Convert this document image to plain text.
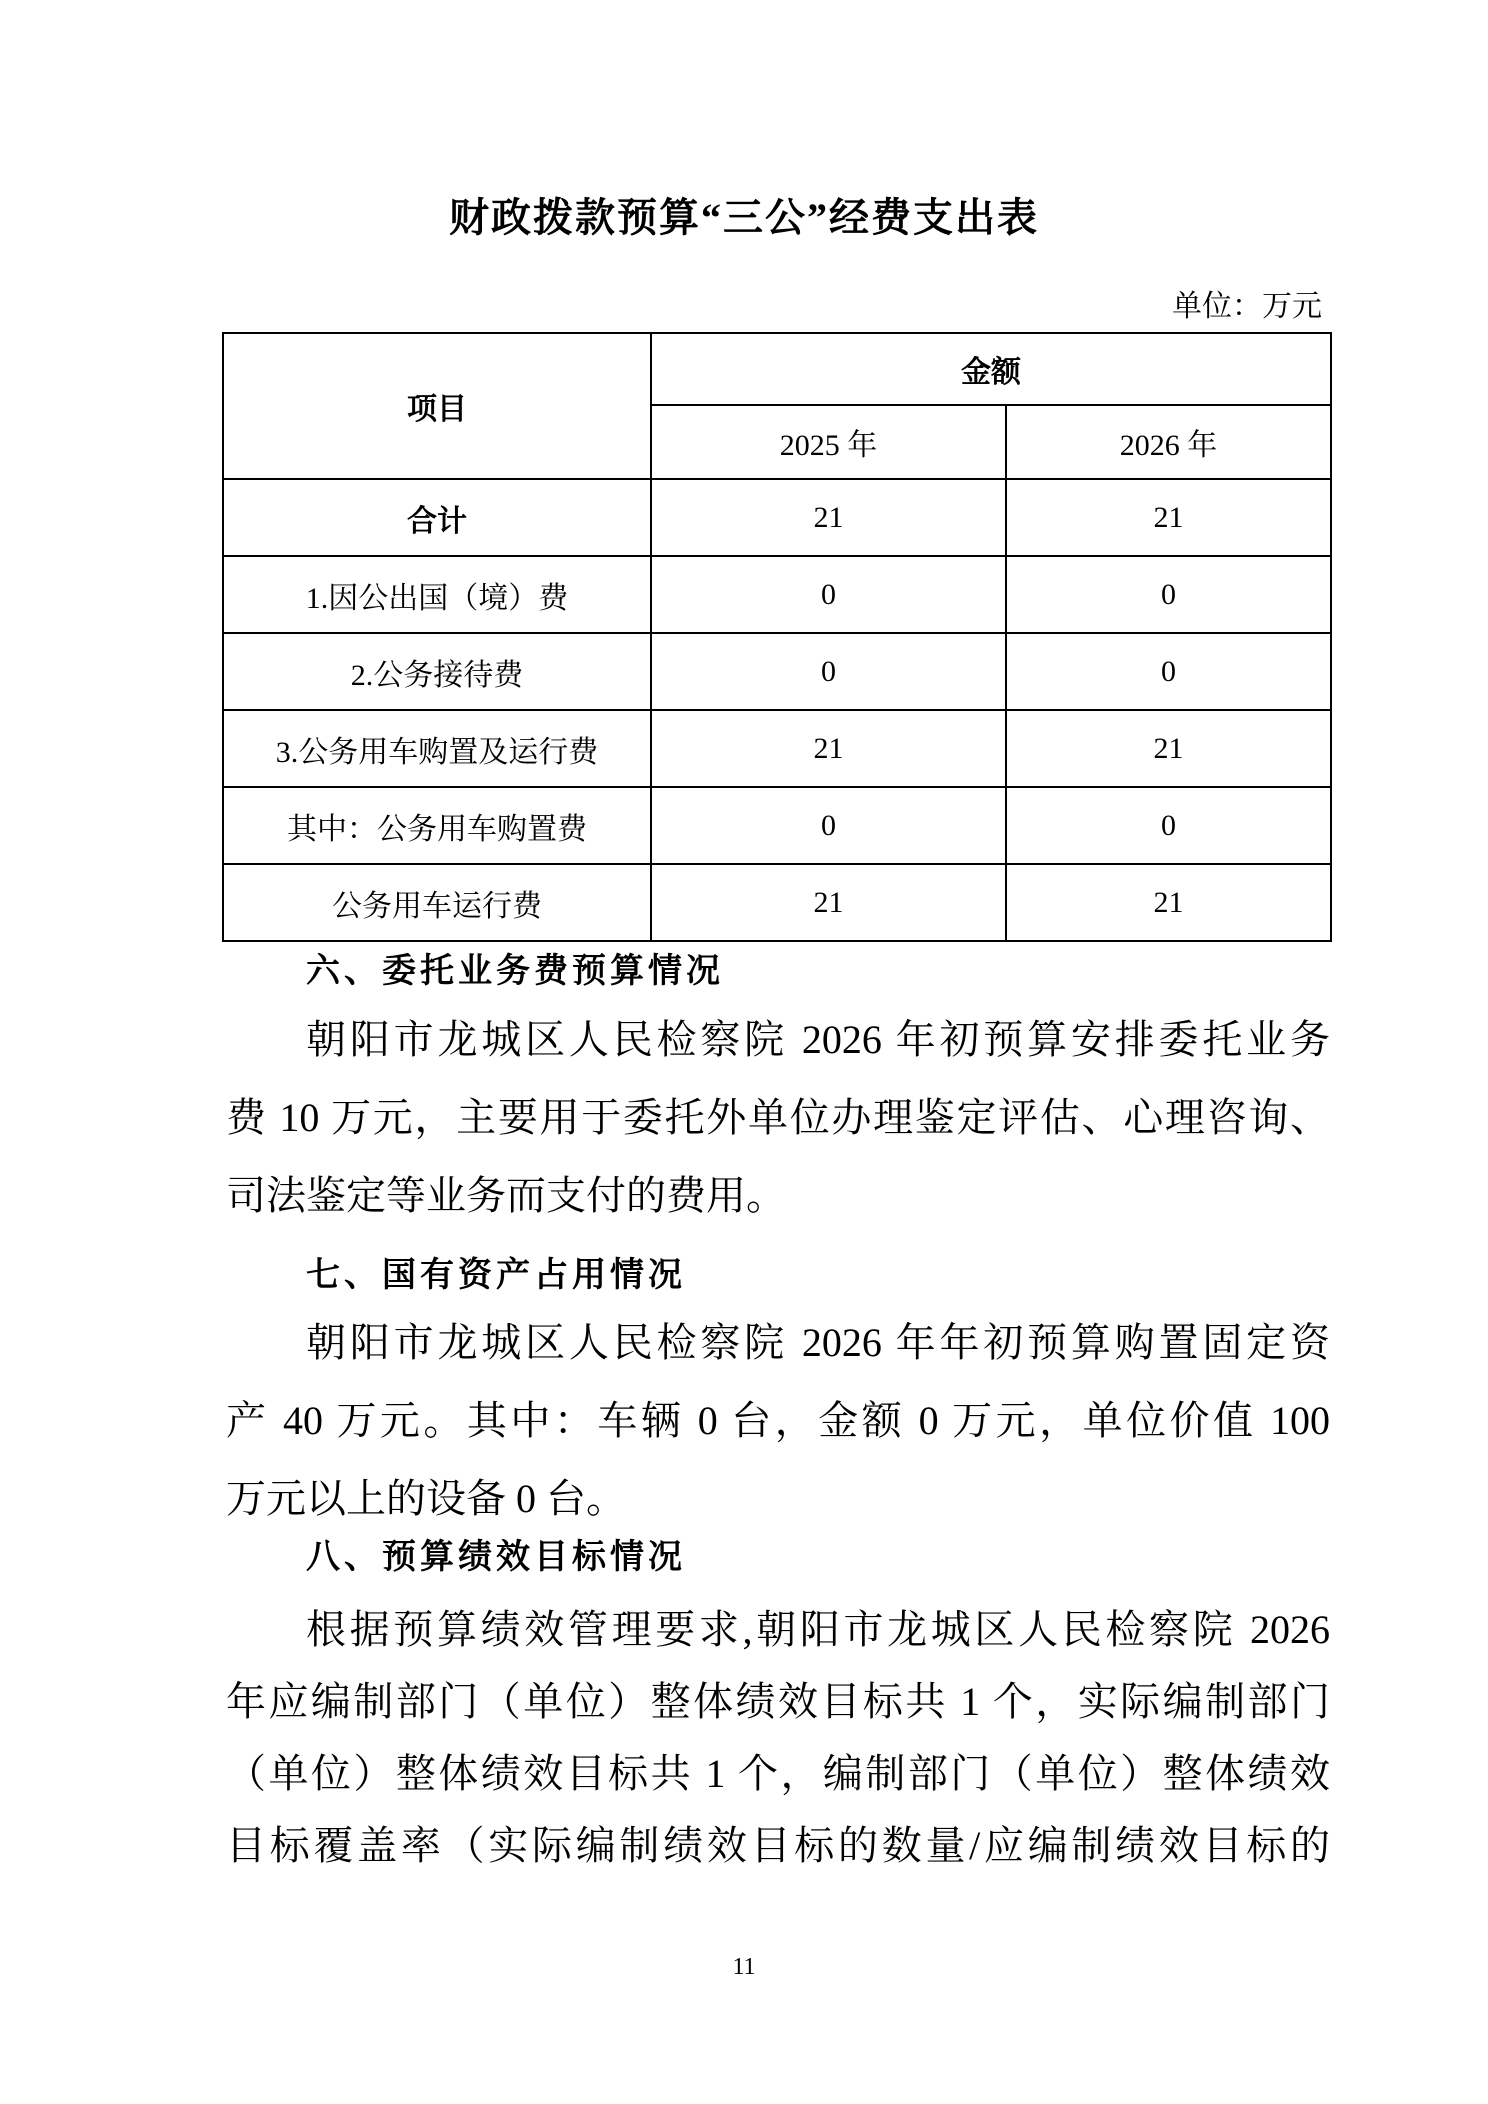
财政拨款预算“三公”经费支出表
单位：万元
项目	金额	
	2025 年	2026 年
合计	21	21
1.因公出国（境）费	0	0
2.公务接待费	0	0
3.公务用车购置及运行费	21	21
其中：公务用车购置费	0	0
公务用车运行费	21	21
六、委托业务费预算情况
朝阳市龙城区人民检察院 2026 年初预算安排委托业务
费 10 万元，主要用于委托外单位办理鉴定评估、心理咨询、
司法鉴定等业务而支付的费用。
七、国有资产占用情况
朝阳市龙城区人民检察院 2026 年年初预算购置固定资
产 40 万元。其中：车辆 0 台，金额 0 万元，单位价值 100
万元以上的设备 0 台。
八、预算绩效目标情况
根据预算绩效管理要求,朝阳市龙城区人民检察院 2026
年应编制部门（单位）整体绩效目标共 1 个，实际编制部门
（单位）整体绩效目标共 1 个，编制部门（单位）整体绩效
目标覆盖率（实际编制绩效目标的数量/应编制绩效目标的
11
